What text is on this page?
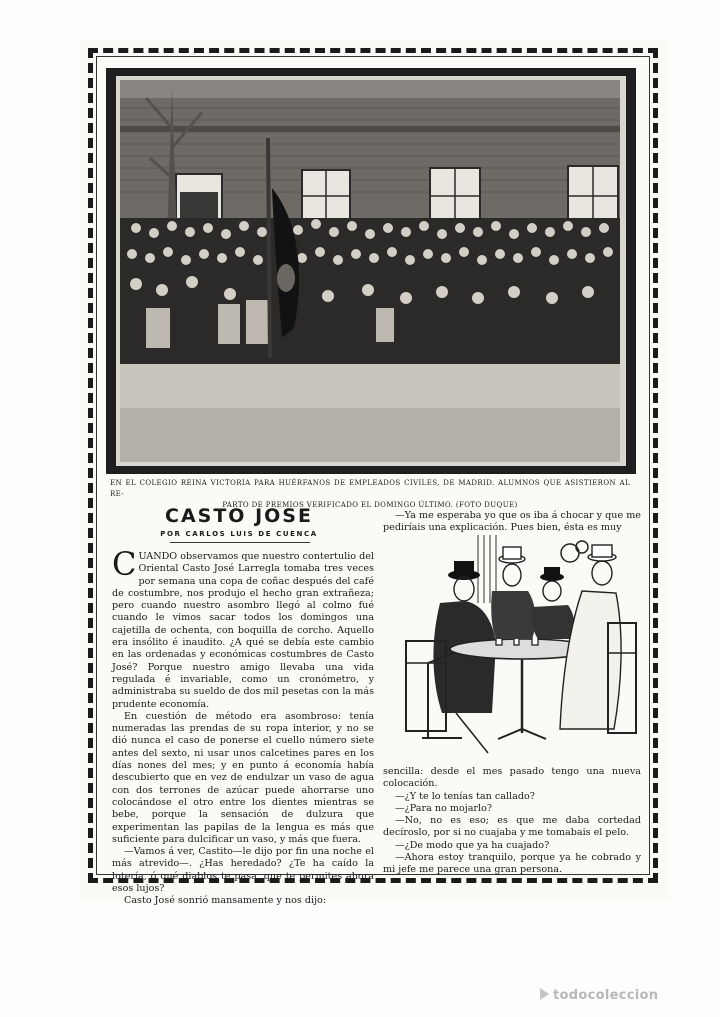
EN EL COLEGIO REINA VICTORIA PARA HUÉRFANOS DE EMPLEADOS CIVILES, DE MADRID. ALUMNOS QUE ASISTIERON AL RE-
PARTO DE PREMIOS VERIFICADO EL DOMINGO ÚLTIMO. (FOTO DUQUE)
CASTO JOSE
POR CARLOS LUIS DE CUENCA

CUANDO observamos que nuestro contertulio del Oriental Casto José Larregla tomaba tres veces por semana una copa de coñac después del café de costumbre, nos produjo el hecho gran extrañeza; pero cuando nuestro asombro llegó al colmo fué cuando le vimos sacar todos los domingos una cajetilla de ochenta, con boquilla de corcho. Aquello era insólito é inaudito. ¿A qué se debía este cambio en las ordenadas y económicas costumbres de Casto José? Porque nuestro amigo llevaba una vida regulada é invariable, como un cronómetro, y administraba su sueldo de dos mil pesetas con la más prudente economía.

En cuestión de método era asombroso: tenía numeradas las prendas de su ropa interior, y no se dió nunca el caso de ponerse el cuello número siete antes del sexto, ni usar unos calcetines pares en los días nones del mes; y en punto á economía había descubierto que en vez de endulzar un vaso de agua con dos terrones de azúcar puede ahorrarse uno colocándose el otro entre los dientes mientras se bebe, porque la sensación de dulzura que experimentan las papilas de la lengua es más que suficiente para dulcificar un vaso, y más que fuera.

—Vamos á ver, Castito—le dijo por fin una noche el más atrevido—. ¿Has heredado? ¿Te ha caído la lotería, ó qué diablos te pasa, que te permites ahora esos lujos?

Casto José sonrió mansamente y nos dijo:

—Ya me esperaba yo que os iba á chocar y que me pediríais una explicación. Pues bien, ésta es muy

sencilla: desde el mes pasado tengo una nueva colocación.

—¿Y te lo tenías tan callado?

—¿Para no mojarlo?

—No, no es eso; es que me daba cortedad decíroslo, por si no cuajaba y me tomabais el pelo.

—¿De modo que ya ha cuajado?

—Ahora estoy tranquilo, porque ya he cobrado y mi jefe me parece una gran persona.

todocoleccion
